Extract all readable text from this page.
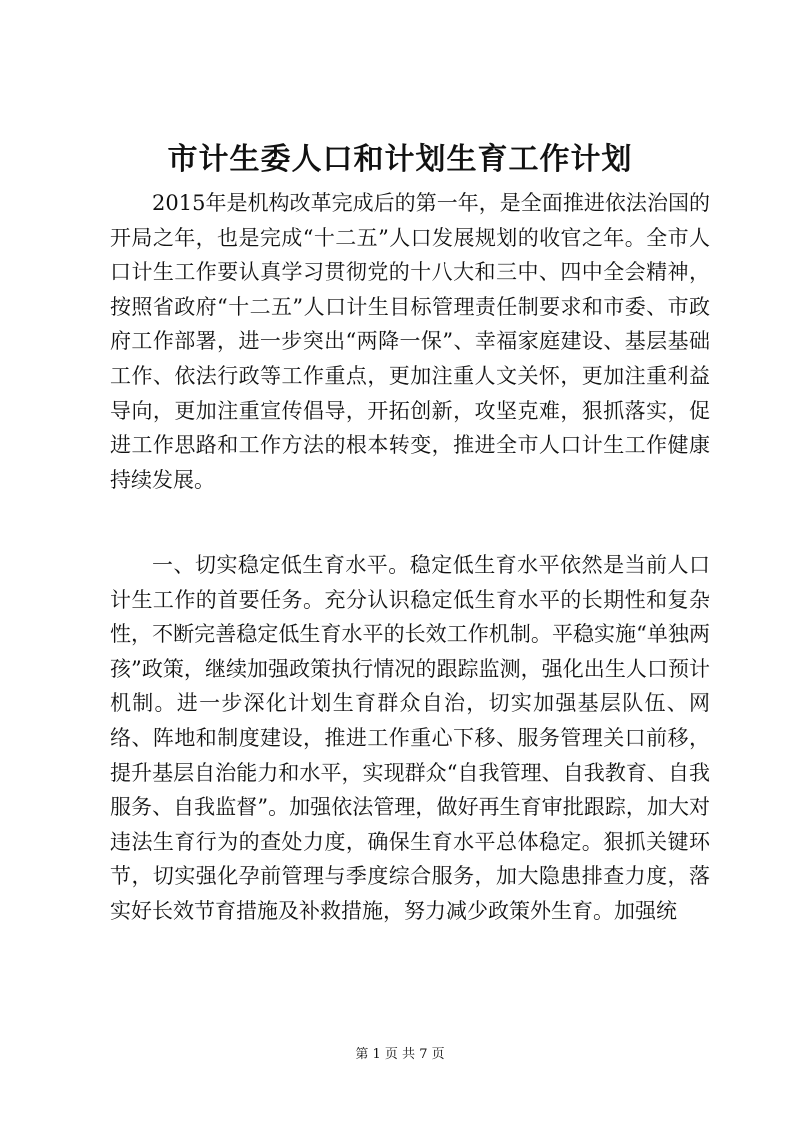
市计生委人口和计划生育工作计划

2015年是机构改革完成后的第一年，是全面推进依法治国的开局之年，也是完成“十二五”人口发展规划的收官之年。全市人口计生工作要认真学习贯彻党的十八大和三中、四中全会精神，按照省政府“十二五”人口计生目标管理责任制要求和市委、市政府工作部署，进一步突出“两降一保”、幸福家庭建设、基层基础工作、依法行政等工作重点，更加注重人文关怀，更加注重利益导向，更加注重宣传倡导，开拓创新，攻坚克难，狠抓落实，促进工作思路和工作方法的根本转变，推进全市人口计生工作健康持续发展。

一、切实稳定低生育水平。稳定低生育水平依然是当前人口计生工作的首要任务。充分认识稳定低生育水平的长期性和复杂性，不断完善稳定低生育水平的长效工作机制。平稳实施“单独两孩”政策，继续加强政策执行情况的跟踪监测，强化出生人口预计机制。进一步深化计划生育群众自治，切实加强基层队伍、网络、阵地和制度建设，推进工作重心下移、服务管理关口前移，提升基层自治能力和水平，实现群众“自我管理、自我教育、自我服务、自我监督”。加强依法管理，做好再生育审批跟踪，加大对违法生育行为的查处力度，确保生育水平总体稳定。狠抓关键环节，切实强化孕前管理与季度综合服务，加大隐患排查力度，落实好长效节育措施及补救措施，努力减少政策外生育。加强统

第 1 页 共 7 页
